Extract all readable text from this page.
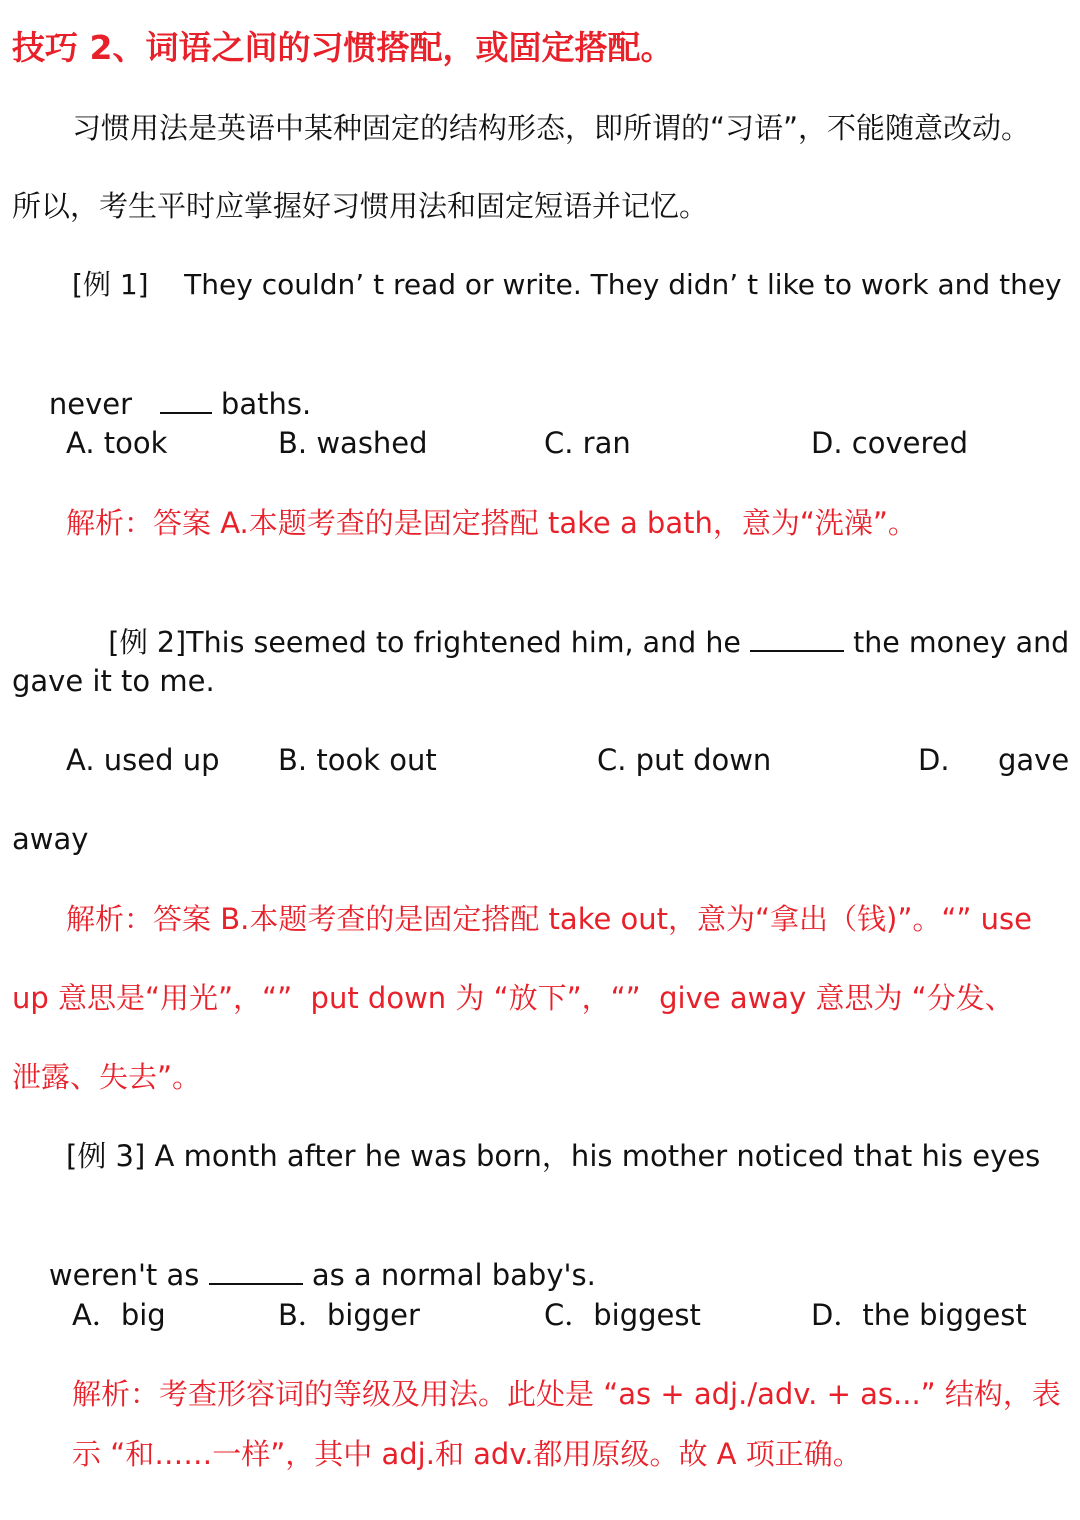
技巧 2、词语之间的习惯搭配，或固定搭配。
习惯用法是英语中某种固定的结构形态，即所谓的“习语”，不能随意改动。
所以，考生平时应掌握好习惯用法和固定短语并记忆。
[例 1]    They couldn’ t read or write. They didn’ t like to work and they

never	baths.

A. took	B. washed	C. ran	D. covered
解析：答案 A.本题考查的是固定搭配 take a bath，意为“洗澡”。

[例 2]This seemed to frightened him, and he	the money and

gave it to me.
A. used up B. took out	C. put down	D. gave
away
解析：答案 B.本题考查的是固定搭配 take out，意为“拿出（钱)”。“” use
up 意思是“用光”，“”  put down 为 “放下”，“”  give away 意思为 “分发、
泄露、失去”。
[例 3] A month after he was born，his mother noticed that his eyes

weren't as	as a normal baby's.

A．big	B．bigger	C．biggest	D．the biggest
解析：考查形容词的等级及用法。此处是 “as + adj./adv. + as...” 结构，表
示 “和……一样”，其中 adj.和 adv.都用原级。故 A 项正确。
